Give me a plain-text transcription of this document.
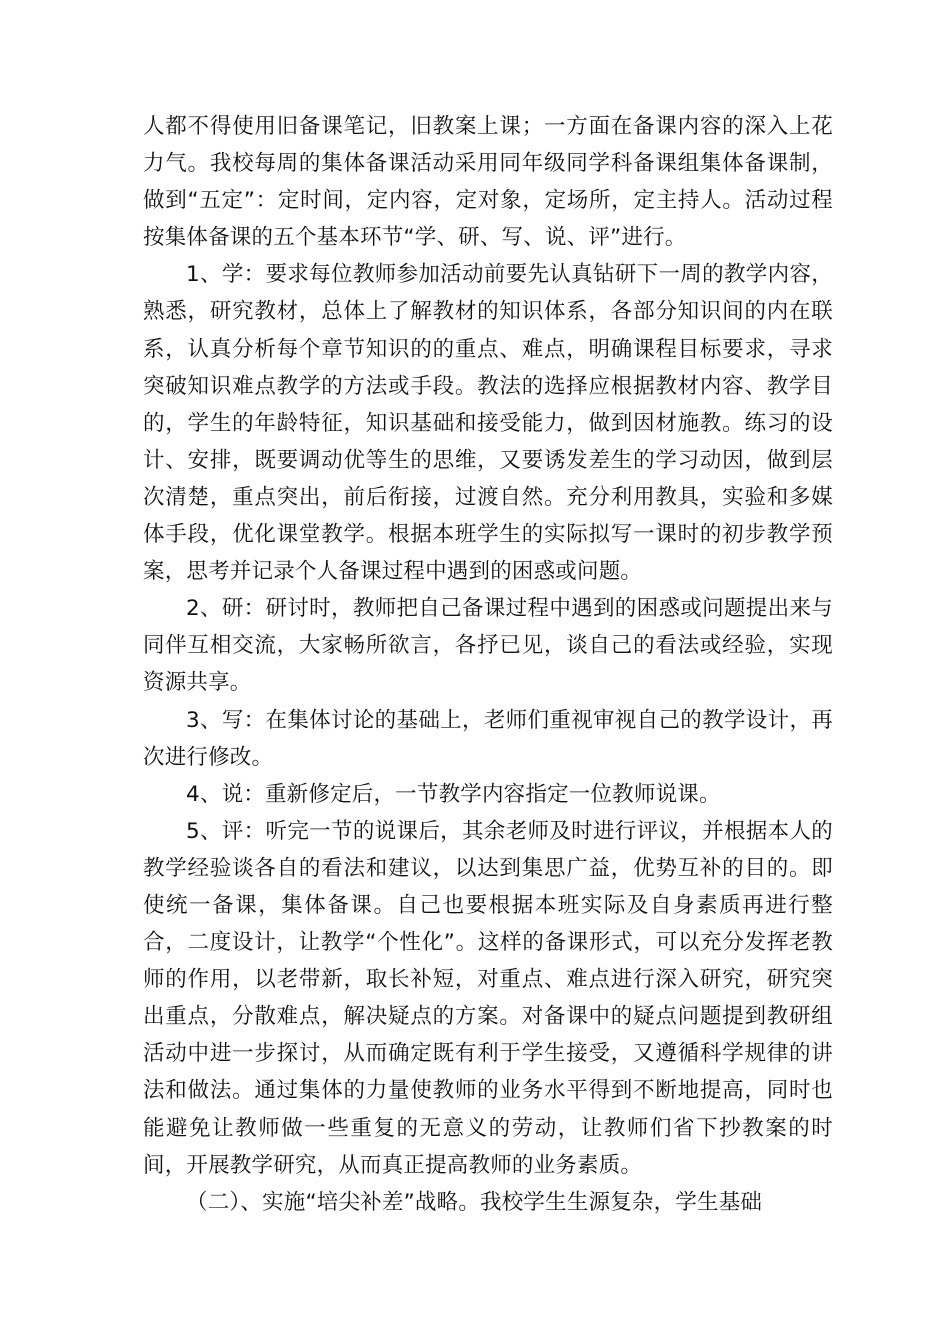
人都不得使用旧备课笔记，旧教案上课；一方面在备课内容的深入上花力气。我校每周的集体备课活动采用同年级同学科备课组集体备课制，做到“五定”：定时间，定内容，定对象，定场所，定主持人。活动过程按集体备课的五个基本环节“学、研、写、说、评”进行。

1、学：要求每位教师参加活动前要先认真钻研下一周的教学内容，熟悉，研究教材，总体上了解教材的知识体系，各部分知识间的内在联系，认真分析每个章节知识的的重点、难点，明确课程目标要求，寻求突破知识难点教学的方法或手段。教法的选择应根据教材内容、教学目的，学生的年龄特征，知识基础和接受能力，做到因材施教。练习的设计、安排，既要调动优等生的思维，又要诱发差生的学习动因，做到层次清楚，重点突出，前后衔接，过渡自然。充分利用教具，实验和多媒体手段，优化课堂教学。根据本班学生的实际拟写一课时的初步教学预案，思考并记录个人备课过程中遇到的困惑或问题。

2、研：研讨时，教师把自己备课过程中遇到的困惑或问题提出来与同伴互相交流，大家畅所欲言，各抒已见，谈自己的看法或经验，实现资源共享。

3、写：在集体讨论的基础上，老师们重视审视自己的教学设计，再次进行修改。

4、说：重新修定后，一节教学内容指定一位教师说课。

5、评：听完一节的说课后，其余老师及时进行评议，并根据本人的教学经验谈各自的看法和建议，以达到集思广益，优势互补的目的。即使统一备课，集体备课。自己也要根据本班实际及自身素质再进行整合，二度设计，让教学“个性化”。这样的备课形式，可以充分发挥老教师的作用，以老带新，取长补短，对重点、难点进行深入研究，研究突出重点，分散难点，解决疑点的方案。对备课中的疑点问题提到教研组活动中进一步探讨，从而确定既有利于学生接受，又遵循科学规律的讲法和做法。通过集体的力量使教师的业务水平得到不断地提高，同时也能避免让教师做一些重复的无意义的劳动，让教师们省下抄教案的时间，开展教学研究，从而真正提高教师的业务素质。

（二）、实施“培尖补差”战略。我校学生生源复杂，学生基础
